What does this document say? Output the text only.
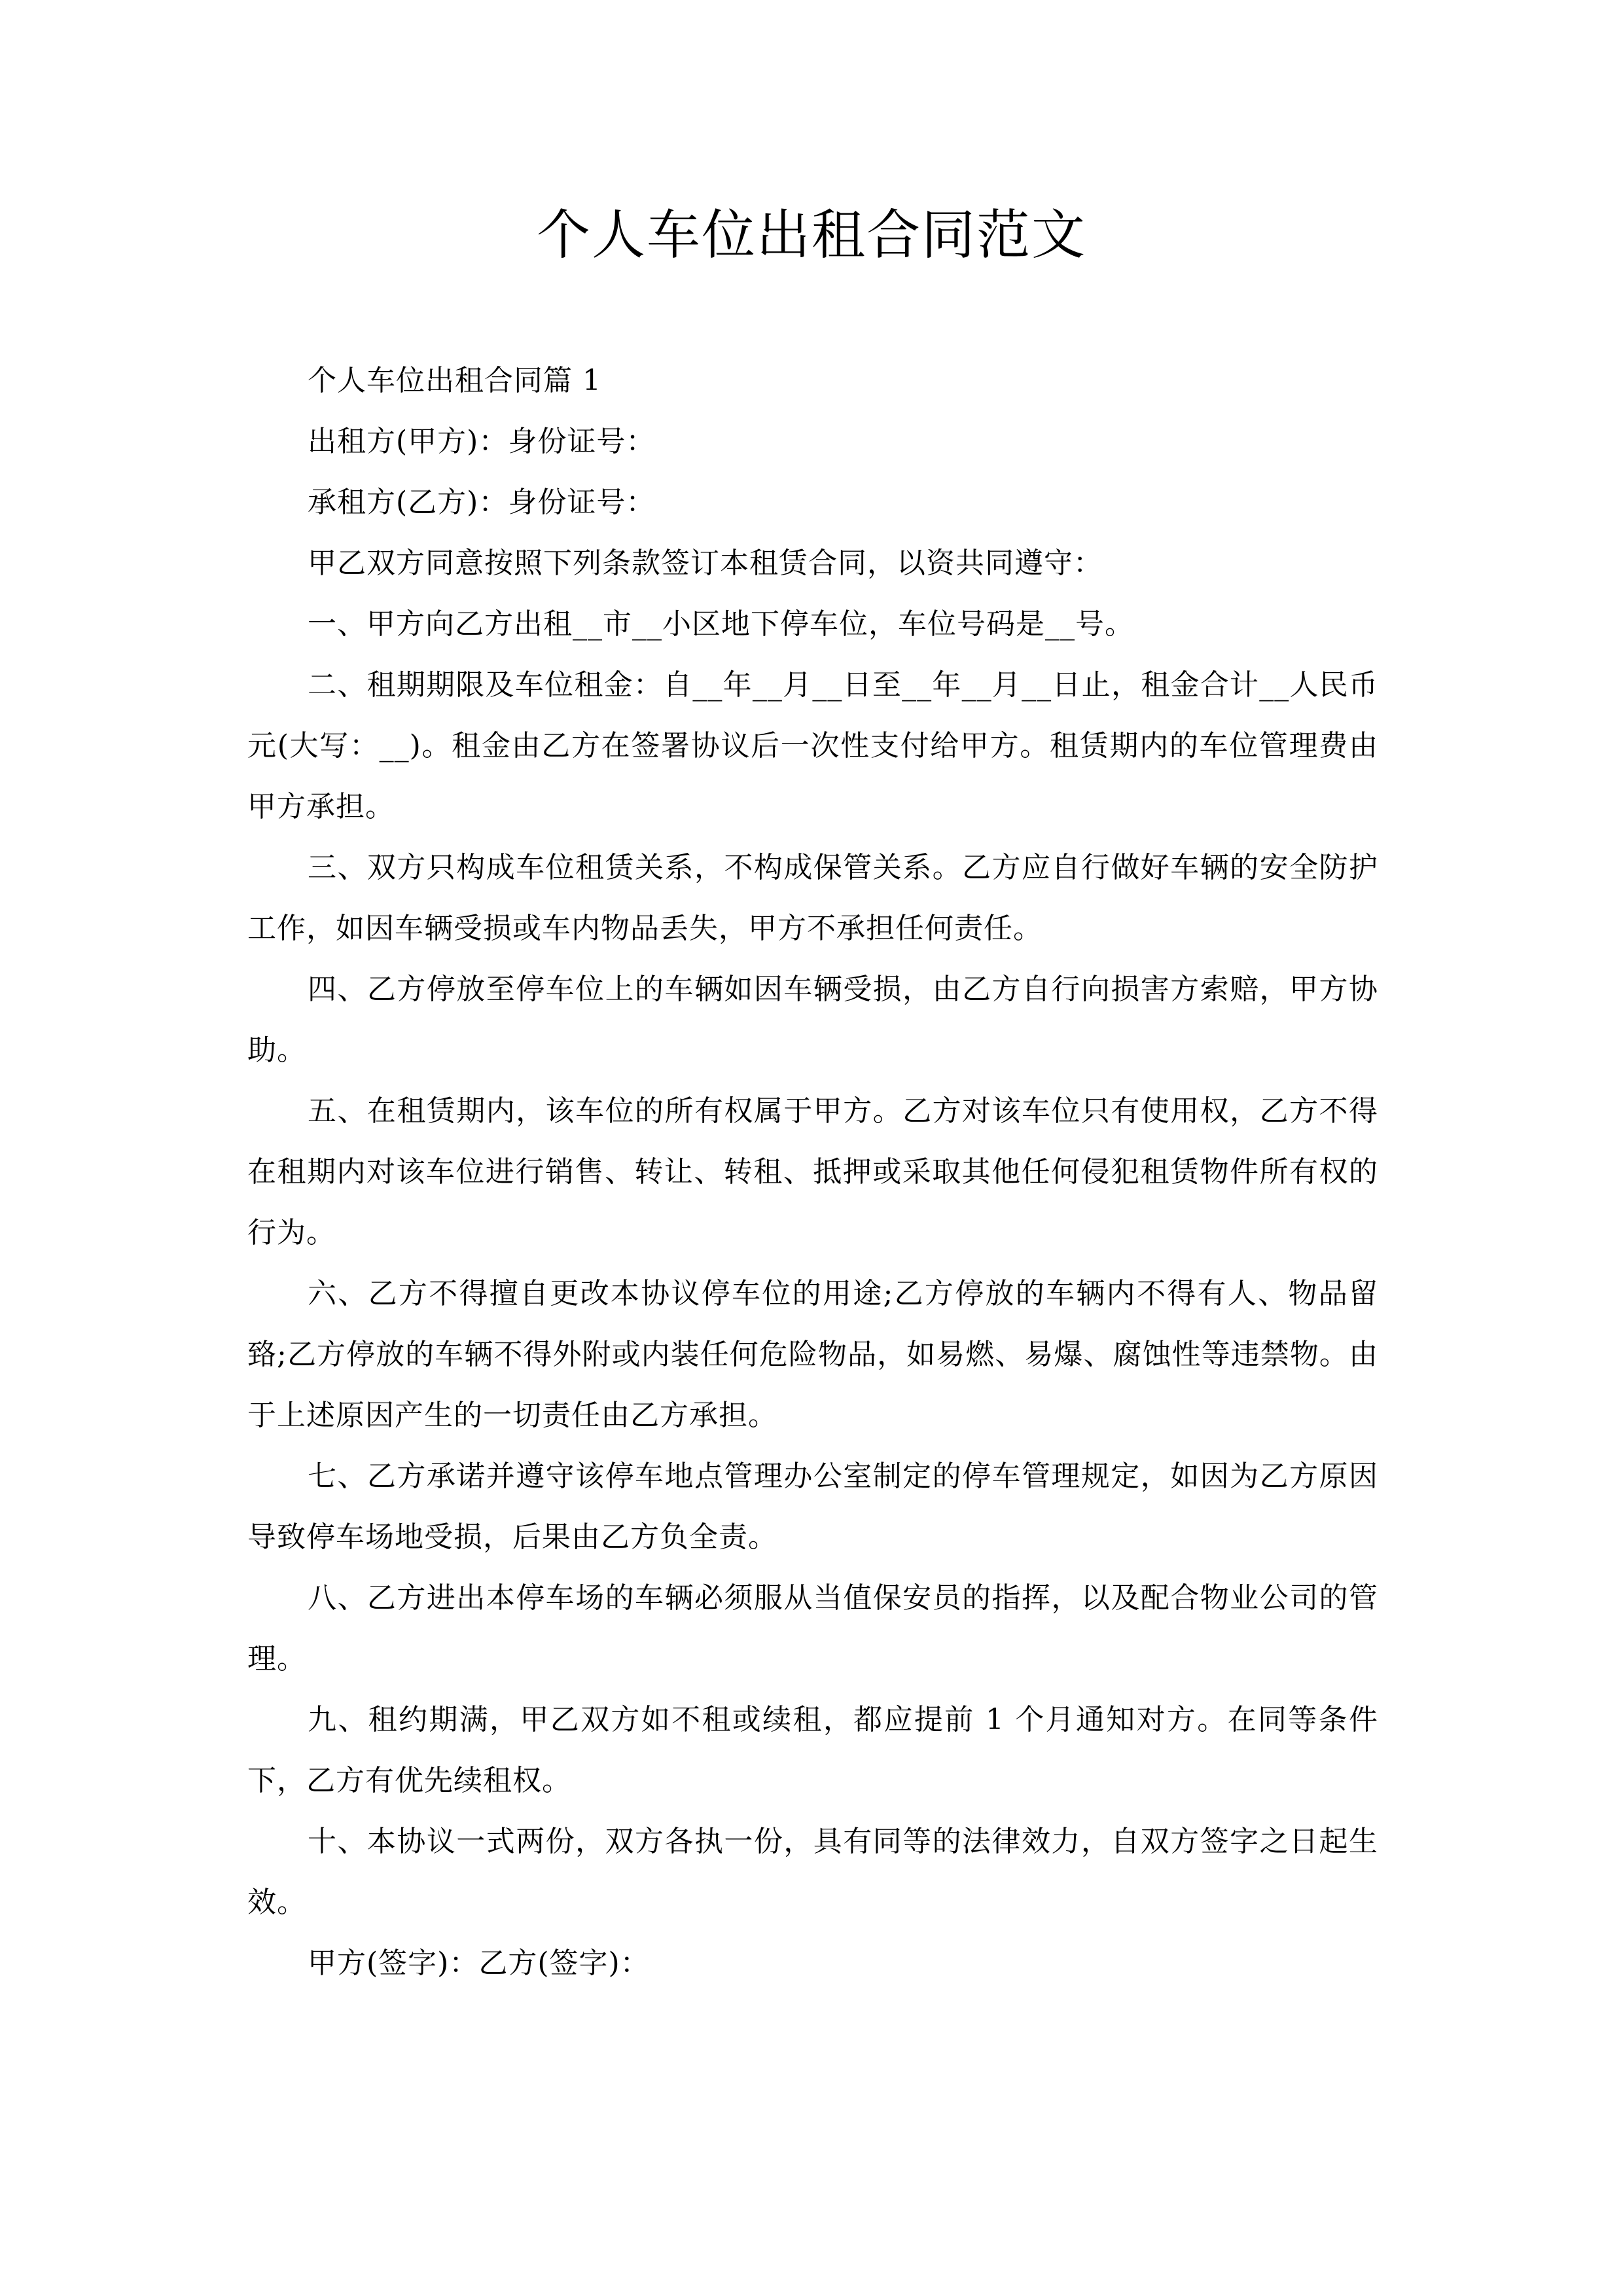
个人车位出租合同范文

个人车位出租合同篇 1

出租方(甲方)：身份证号：

承租方(乙方)：身份证号：

甲乙双方同意按照下列条款签订本租赁合同，以资共同遵守：

一、甲方向乙方出租__市__小区地下停车位，车位号码是__号。

二、租期期限及车位租金：自__年__月__日至__年__月__日止，租金合计__人民币元(大写：__)。租金由乙方在签署协议后一次性支付给甲方。租赁期内的车位管理费由甲方承担。

三、双方只构成车位租赁关系，不构成保管关系。乙方应自行做好车辆的安全防护工作，如因车辆受损或车内物品丢失，甲方不承担任何责任。

四、乙方停放至停车位上的车辆如因车辆受损，由乙方自行向损害方索赔，甲方协助。

五、在租赁期内，该车位的所有权属于甲方。乙方对该车位只有使用权，乙方不得在租期内对该车位进行销售、转让、转租、抵押或采取其他任何侵犯租赁物件所有权的行为。

六、乙方不得擅自更改本协议停车位的用途;乙方停放的车辆内不得有人、物品留臵;乙方停放的车辆不得外附或内装任何危险物品，如易燃、易爆、腐蚀性等违禁物。由于上述原因产生的一切责任由乙方承担。

七、乙方承诺并遵守该停车地点管理办公室制定的停车管理规定，如因为乙方原因导致停车场地受损，后果由乙方负全责。

八、乙方进出本停车场的车辆必须服从当值保安员的指挥，以及配合物业公司的管理。

九、租约期满，甲乙双方如不租或续租，都应提前 1 个月通知对方。在同等条件下，乙方有优先续租权。

十、本协议一式两份，双方各执一份，具有同等的法律效力，自双方签字之日起生效。

甲方(签字)：乙方(签字)：
